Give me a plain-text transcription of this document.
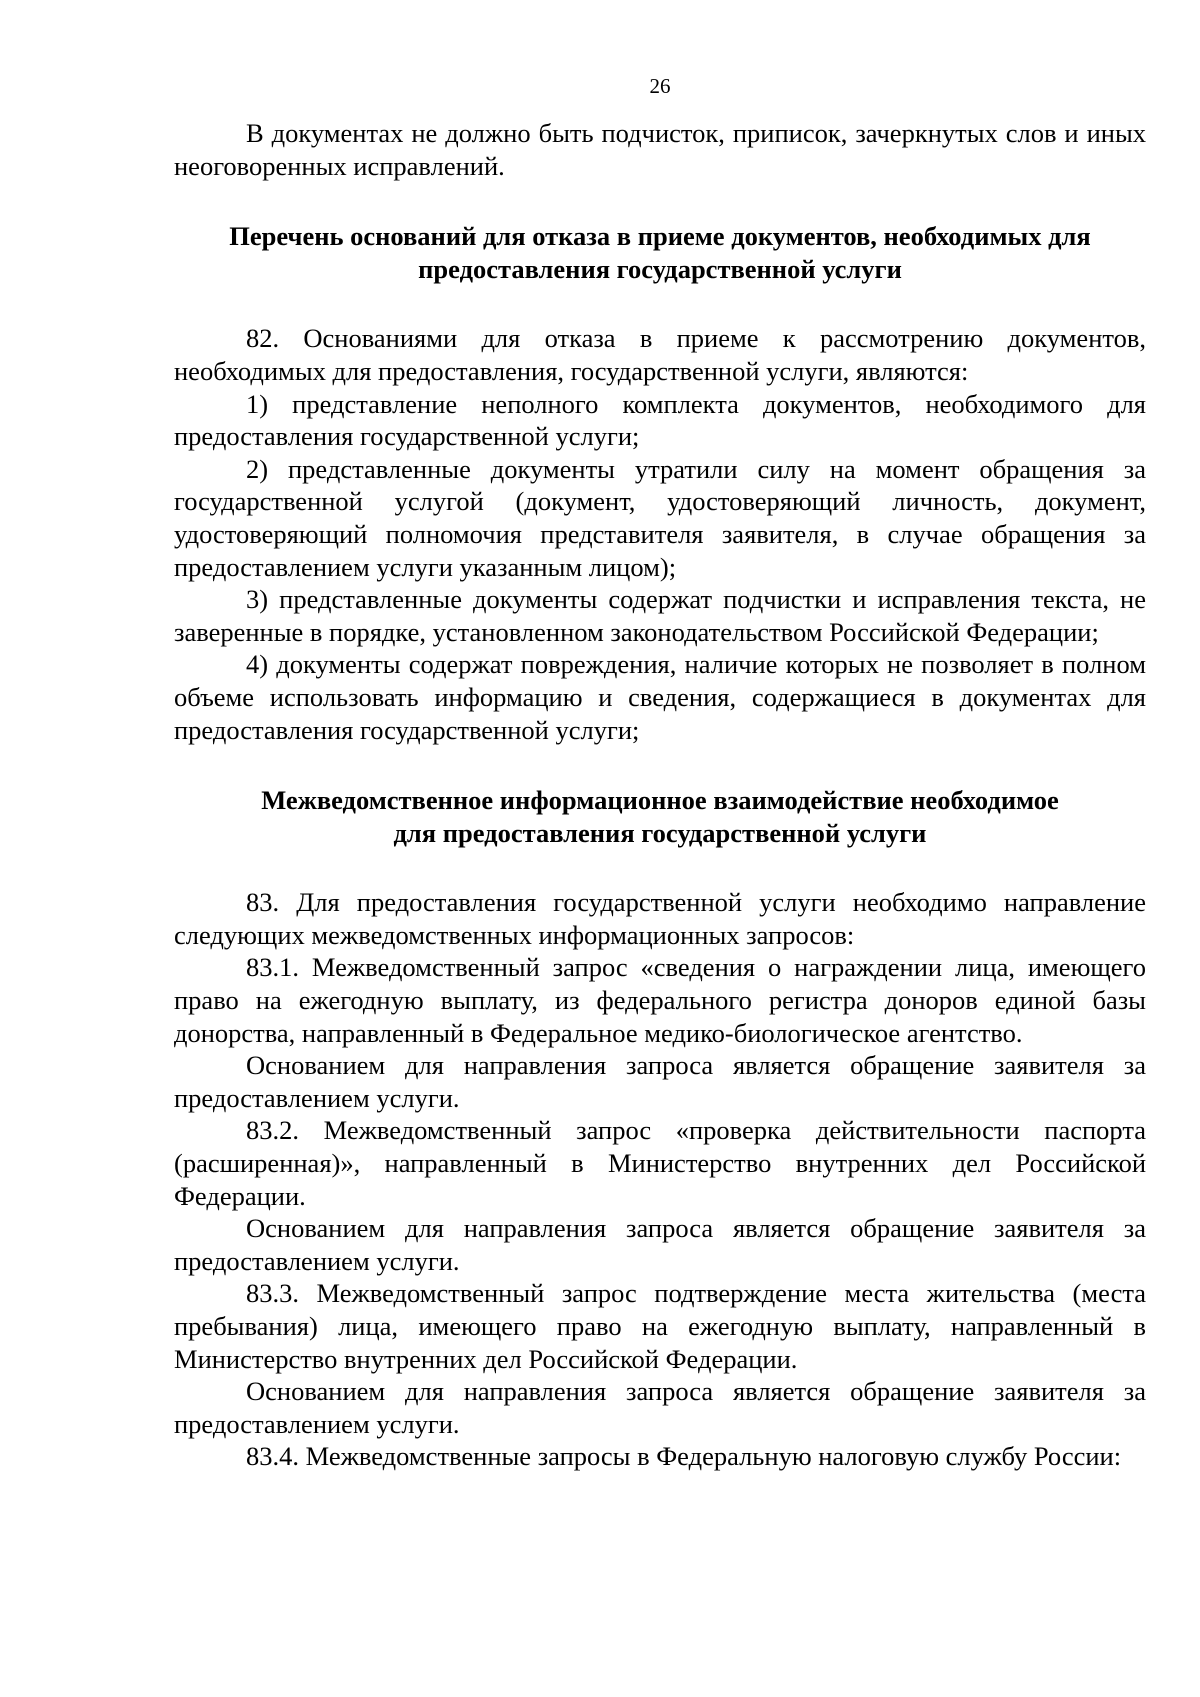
26

В документах не должно быть подчисток, приписок, зачеркнутых слов и иных неоговоренных исправлений.

Перечень оснований для отказа в приеме документов, необходимых для
предоставления государственной услуги

82. Основаниями для отказа в приеме к рассмотрению документов, необходимых для предоставления, государственной услуги, являются:

1) представление неполного комплекта документов, необходимого для предоставления государственной услуги;

2) представленные документы утратили силу на момент обращения за государственной услугой (документ, удостоверяющий личность, документ, удостоверяющий полномочия представителя заявителя, в случае обращения за предоставлением услуги указанным лицом);

3) представленные документы содержат подчистки и исправления текста, не заверенные в порядке, установленном законодательством Российской Федерации;

4) документы содержат повреждения, наличие которых не позволяет в полном объеме использовать информацию и сведения, содержащиеся в документах для предоставления государственной услуги;

Межведомственное информационное взаимодействие необходимое
для предоставления государственной услуги

83. Для предоставления государственной услуги необходимо направление следующих межведомственных информационных запросов:

83.1. Межведомственный запрос «сведения о награждении лица, имеющего право на ежегодную выплату, из федерального регистра доноров единой базы донорства, направленный в Федеральное медико-биологическое агентство.

Основанием для направления запроса является обращение заявителя за предоставлением услуги.

83.2. Межведомственный запрос «проверка действительности паспорта (расширенная)», направленный в Министерство внутренних дел Российской Федерации.

Основанием для направления запроса является обращение заявителя за предоставлением услуги.

83.3. Межведомственный запрос подтверждение места жительства (места пребывания) лица, имеющего право на ежегодную выплату, направленный в Министерство внутренних дел Российской Федерации.

Основанием для направления запроса является обращение заявителя за предоставлением услуги.

83.4. Межведомственные запросы в Федеральную налоговую службу России:
